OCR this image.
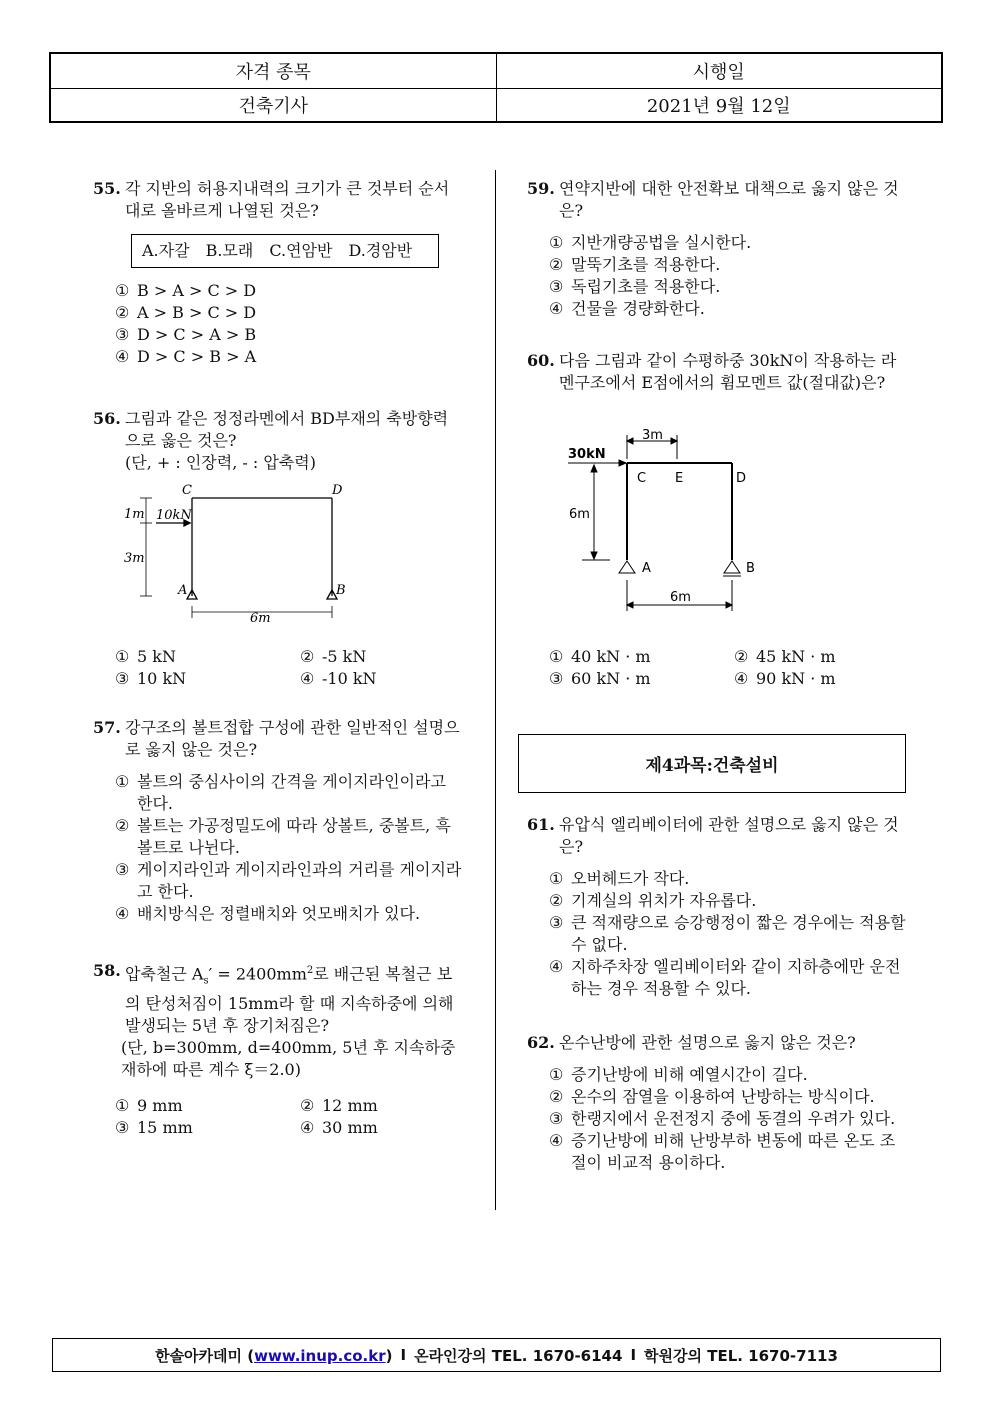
자격 종목	시행일
건축기사	2021년 9월 12일
55. 각 지반의 허용지내력의 크기가 큰 것부터 순서대로 올바르게 나열된 것은?
A.자갈 B.모래 C.연암반 D.경암반
① B > A > C > D
② A > B > C > D
③ D > C > A > B
④ D > C > B > A
56. 그림과 같은 정정라멘에서 BD부재의 축방향력으로 옳은 것은?
(단, + : 인장력, - : 압축력)
C	D
A	B
1m
3m
10kN
6m
① 5 kN	② -5 kN
③ 10 kN	④ -10 kN
57. 강구조의 볼트접합 구성에 관한 일반적인 설명으로 옳지 않은 것은?
① 볼트의 중심사이의 간격을 게이지라인이라고 한다.
② 볼트는 가공정밀도에 따라 상볼트, 중볼트, 흑볼트로 나뉜다.
③ 게이지라인과 게이지라인과의 거리를 게이지라고 한다.
④ 배치방식은 정렬배치와 엇모배치가 있다.
58. 압축철근 $A_s' = 2400mm^2$로 배근된 복철근 보의 탄성처짐이 15mm라 할 때 지속하중에 의해 발생되는 5년 후 장기처짐은?
(단, b=300mm, d=400mm, 5년 후 지속하중 재하에 따른 계수 ξ＝2.0)
① 9 mm	② 12 mm
③ 15 mm	④ 30 mm
59. 연약지반에 대한 안전확보 대책으로 옳지 않은 것은?
① 지반개량공법을 실시한다.
② 말뚝기초를 적용한다.
③ 독립기초를 적용한다.
④ 건물을 경량화한다.
60. 다음 그림과 같이 수평하중 30kN이 작용하는 라멘구조에서 E점에서의 휨모멘트 값(절대값)은?
3m
30kN
C E	D
6m
A	B
6m
① 40 kN · m	② 45 kN · m
③ 60 kN · m	④ 90 kN · m
제4과목:건축설비
61. 유압식 엘리베이터에 관한 설명으로 옳지 않은 것은?
① 오버헤드가 작다.
② 기계실의 위치가 자유롭다.
③ 큰 적재량으로 승강행정이 짧은 경우에는 적용할 수 없다.
④ 지하주차장 엘리베이터와 같이 지하층에만 운전하는 경우 적용할 수 있다.
62. 온수난방에 관한 설명으로 옳지 않은 것은?
① 증기난방에 비해 예열시간이 길다.
② 온수의 잠열을 이용하여 난방하는 방식이다.
③ 한랭지에서 운전정지 중에 동결의 우려가 있다.
④ 증기난방에 비해 난방부하 변동에 따른 온도 조절이 비교적 용이하다.
한솔아카데미 (www.inup.co.kr) I 온라인강의 TEL. 1670-6144 I 학원강의 TEL. 1670-7113
